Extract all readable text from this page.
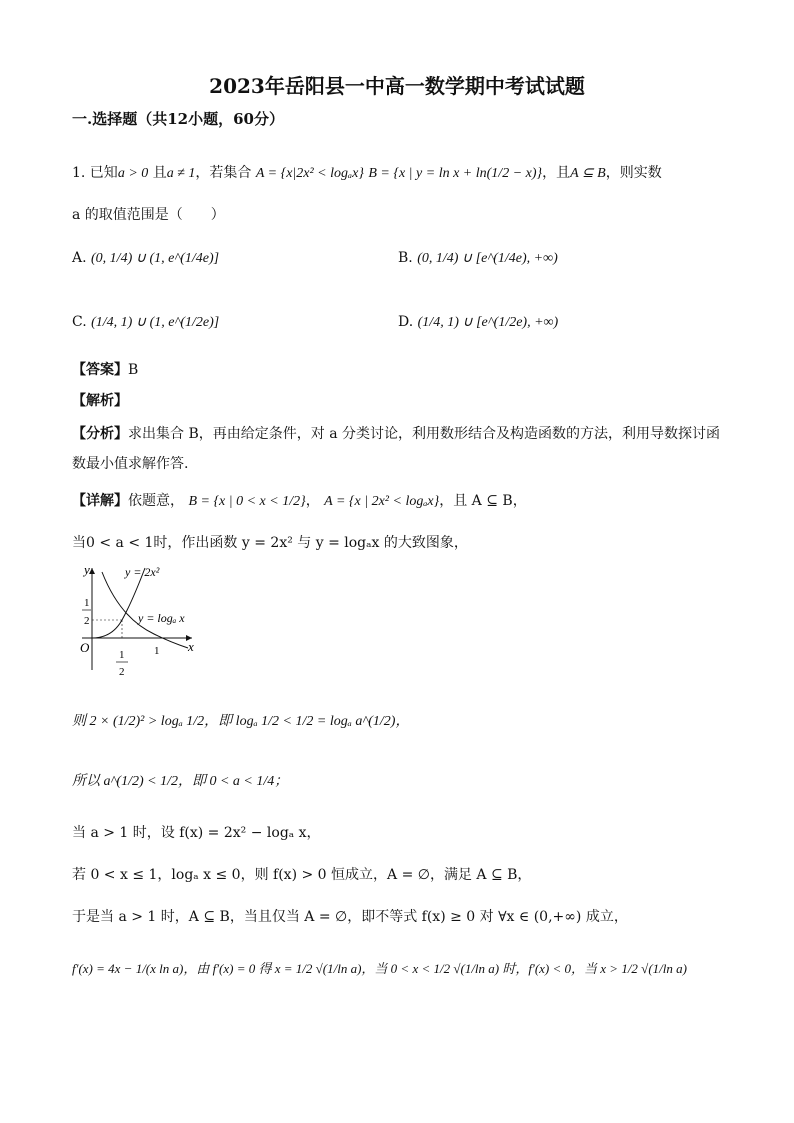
2023年岳阳县一中高一数学期中考试试题
一.选择题（共12小题，60分）
1. 已知a > 0 且a ≠ 1，若集合 A = {x|2x² < logₐx} B = {x | y = ln x + ln(1/2 − x)}，且A ⊆ B，则实数
a 的取值范围是（　　）
A. (0, 1/4) ∪ (1, e^(1/4e)]	B. (0, 1/4) ∪ [e^(1/4e), +∞)
C. (1/4, 1) ∪ (1, e^(1/2e)]	D. (1/4, 1) ∪ [e^(1/2e), +∞)
【答案】B
【解析】
【分析】求出集合 B，再由给定条件，对 a 分类讨论，利用数形结合及构造函数的方法，利用导数探讨函
数最小值求解作答.
【详解】依题意， B = {x | 0 < x < 1/2}， A = {x | 2x² < logₐx}，且 A ⊆ B，
当0 < a < 1时，作出函数 y = 2x² 与 y = logₐx 的大致图象，
y
x
O
y = 2x²
y = logₐ x
1
2
1
2
1
则 2 × (1/2)² > logₐ 1/2，即 logₐ 1/2 < 1/2 = logₐ a^(1/2)，
所以 a^(1/2) < 1/2，即 0 < a < 1/4；
当 a > 1 时，设 f(x) = 2x² − logₐ x，
若 0 < x ≤ 1，logₐ x ≤ 0，则 f(x) > 0 恒成立，A = ∅，满足 A ⊆ B，
于是当 a > 1 时，A ⊆ B，当且仅当 A = ∅，即不等式 f(x) ≥ 0 对 ∀x ∈ (0,+∞) 成立，
f′(x) = 4x − 1/(x ln a)，由 f′(x) = 0 得 x = 1/2 √(1/ln a)，当 0 < x < 1/2 √(1/ln a) 时，f′(x) < 0，当 x > 1/2 √(1/ln a)
